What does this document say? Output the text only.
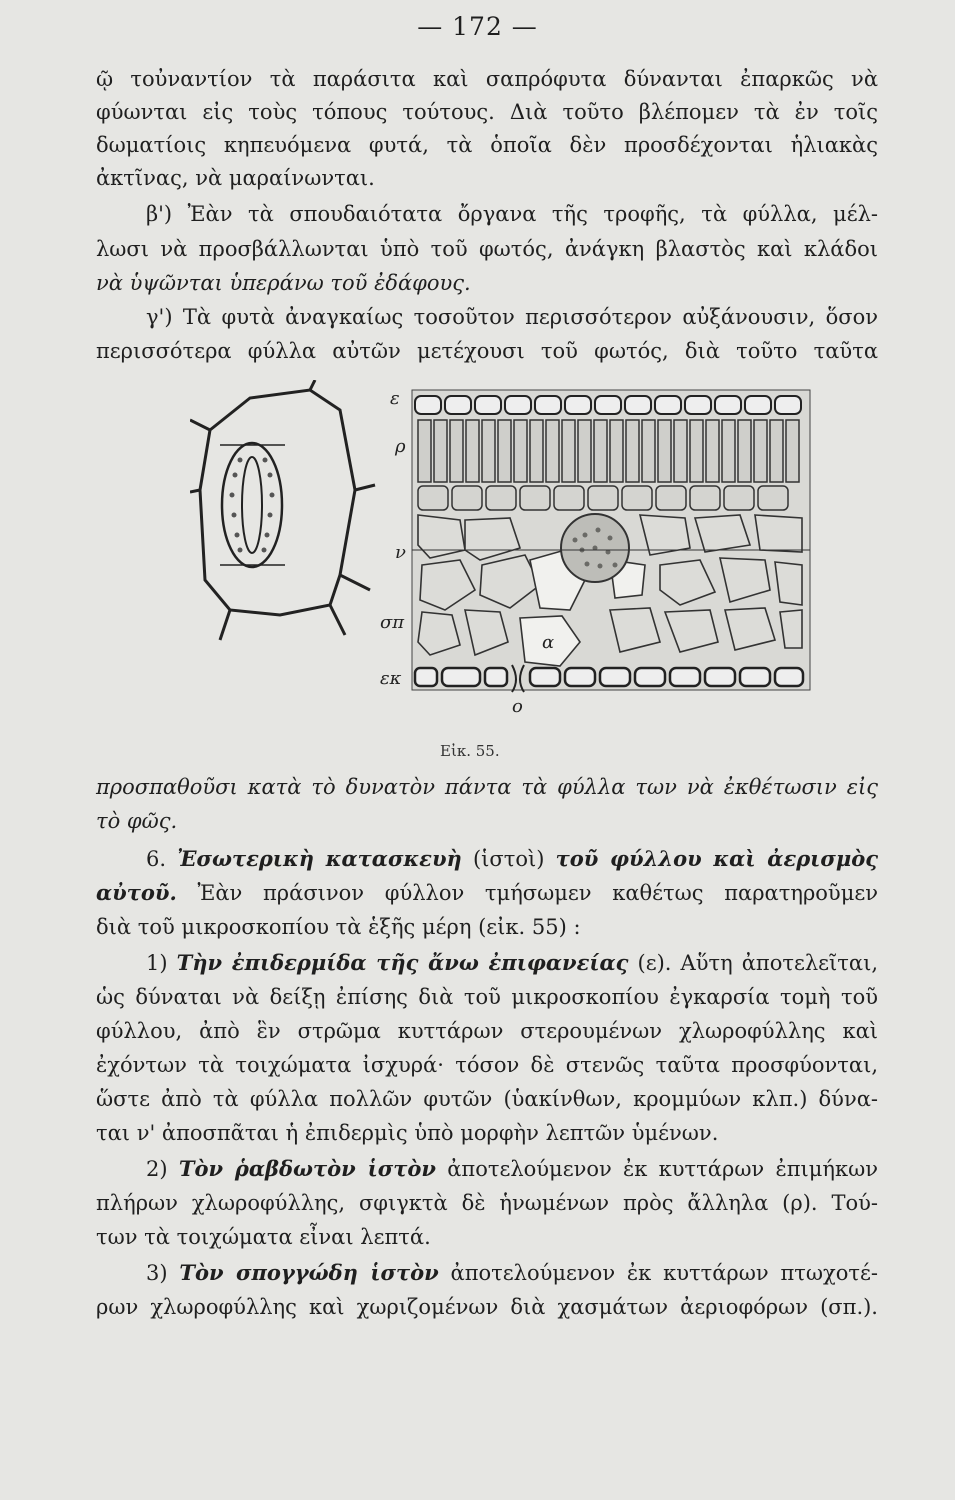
— 172 —
ῷ τοὐναντίον τὰ παράσιτα καὶ σαπρόφυτα δύνανται ἐπαρκῶς νὰ
φύωνται εἰς τοὺς τόπους τούτους. Διὰ τοῦτο βλέπομεν τὰ ἐν τοῖς
δωματίοις κηπευόμενα φυτά, τὰ ὁποῖα δὲν προσδέχονται ἡλιακὰς
ἀκτῖνας, νὰ μαραίνωνται.
β') Ἐὰν τὰ σπουδαιότατα ὄργανα τῆς τροφῆς, τὰ φύλλα, μέλ-
λωσι νὰ προσβάλλωνται ὑπὸ τοῦ φωτός, ἀνάγκη βλαστὸς καὶ κλάδοι
νὰ ὑψῶνται ὑπεράνω τοῦ ἐδάφους.
γ') Τὰ φυτὰ ἀναγκαίως τοσοῦτον περισσότερον αὐξάνουσιν, ὅσον
περισσότερα φύλλα αὐτῶν μετέχουσι τοῦ φωτός, διὰ τοῦτο ταῦτα
ε
ρ
ν
σπ
α
εκ
ο
Εἰκ. 55.
προσπαθοῦσι κατὰ τὸ δυνατὸν πάντα τὰ φύλλα των νὰ ἐκθέτωσιν εἰς
τὸ φῶς.
6. Ἐσωτερικὴ κατασκευὴ (ἱστοὶ) τοῦ φύλλου καὶ ἀερισμὸς
αὐτοῦ. Ἐὰν πράσινον φύλλον τμήσωμεν καθέτως παρατηροῦμεν
διὰ τοῦ μικροσκοπίου τὰ ἑξῆς μέρη (εἰκ. 55) :
1) Τὴν ἐπιδερμίδα τῆς ἄνω ἐπιφανείας (ε). Αὕτη ἀποτελεῖται,
ὡς δύναται νὰ δείξῃ ἐπίσης διὰ τοῦ μικροσκοπίου ἐγκαρσία τομὴ τοῦ
φύλλου, ἀπὸ ἓν στρῶμα κυττάρων στερουμένων χλωροφύλλης καὶ
ἐχόντων τὰ τοιχώματα ἰσχυρά· τόσον δὲ στενῶς ταῦτα προσφύονται,
ὥστε ἀπὸ τὰ φύλλα πολλῶν φυτῶν (ὑακίνθων, κρομμύων κλπ.) δύνα-
ται ν' ἀποσπᾶται ἡ ἐπιδερμὶς ὑπὸ μορφὴν λεπτῶν ὑμένων.
2) Τὸν ῥαβδωτὸν ἱστὸν ἀποτελούμενον ἐκ κυττάρων ἐπιμήκων
πλήρων χλωροφύλλης, σφιγκτὰ δὲ ἡνωμένων πρὸς ἄλληλα (ρ). Τού-
των τὰ τοιχώματα εἶναι λεπτά.
3) Τὸν σπογγώδη ἱστὸν ἀποτελούμενον ἐκ κυττάρων πτωχοτέ-
ρων χλωροφύλλης καὶ χωριζομένων διὰ χασμάτων ἀεριοφόρων (σπ.).
